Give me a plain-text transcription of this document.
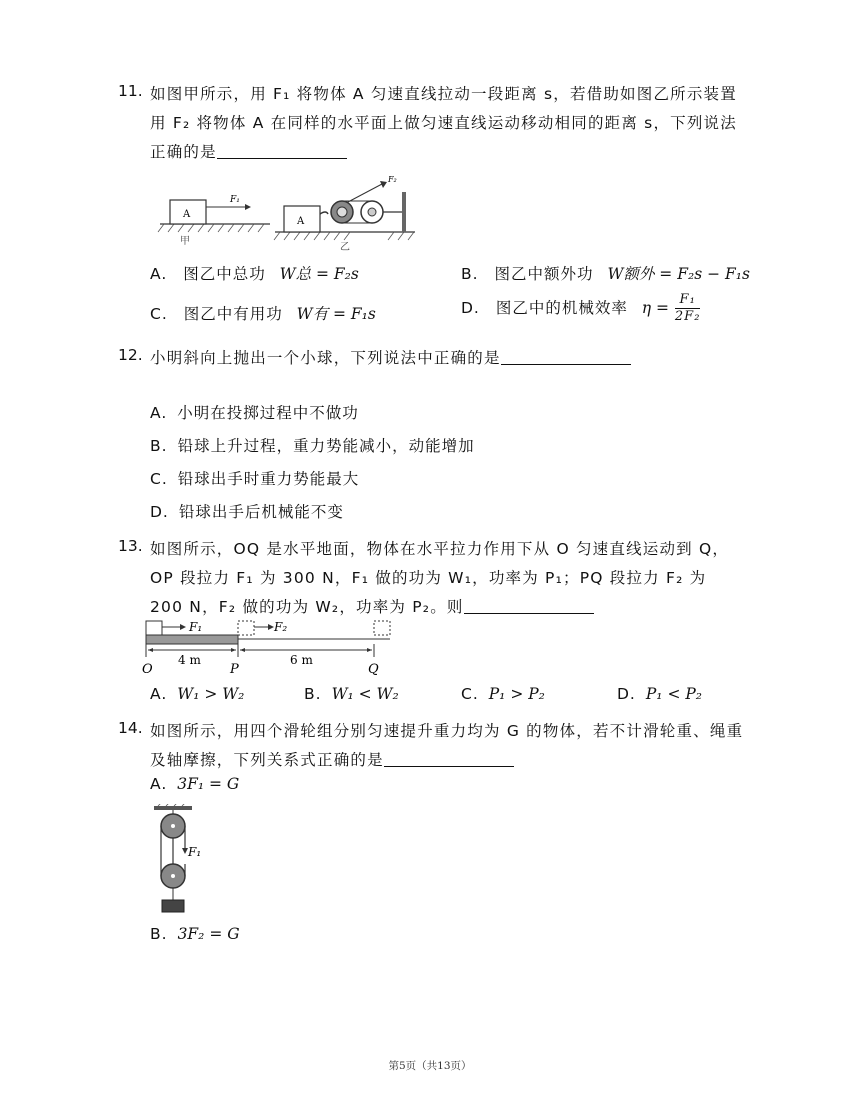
11. 如图甲所示，用 F₁ 将物体 A 匀速直线拉动一段距离 s，若借助如图乙所示装置
用 F₂ 将物体 A 在同样的水平面上做匀速直线运动移动相同的距离 s，下列说法
正确的是
A
F₁
甲
A
F₂
乙
A. 图乙中总功 W总 = F₂s	B. 图乙中额外功 W额外 = F₂s − F₁s
C. 图乙中有用功 W有 = F₁s	D. 图乙中的机械效率 $\eta = \frac{\text{F₁}}{\text{2F₂}}$
12. 小明斜向上抛出一个小球，下列说法中正确的是
A. 小明在投掷过程中不做功
B. 铅球上升过程，重力势能减小，动能增加
C. 铅球出手时重力势能最大
D. 铅球出手后机械能不变
13. 如图所示，OQ 是水平地面，物体在水平拉力作用下从 O 匀速直线运动到 Q，
OP 段拉力 F₁ 为 300 N，F₁ 做的功为 W₁，功率为 P₁；PQ 段拉力 F₂ 为
200 N，F₂ 做的功为 W₂，功率为 P₂。则
F₁	F₂
4 m	6 m
O	P	Q
A. W₁ > W₂	B. W₁ < W₂	C. P₁ > P₂	D. P₁ < P₂
14. 如图所示，用四个滑轮组分别匀速提升重力均为 G 的物体，若不计滑轮重、绳重
及轴摩擦，下列关系式正确的是
A. 3F₁ = G
F₁
B. 3F₂ = G
第5页（共13页）
